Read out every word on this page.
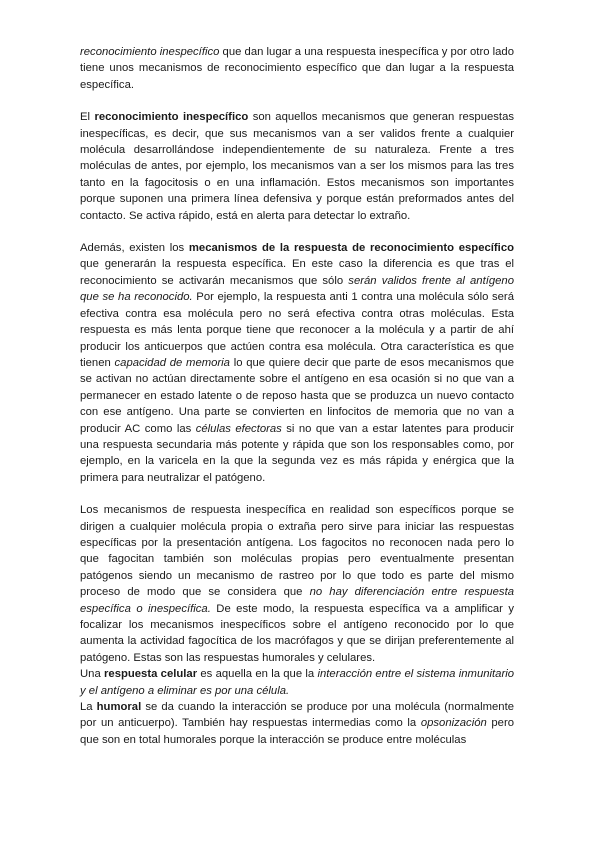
reconocimiento inespecífico que dan lugar a una respuesta inespecífica y por otro lado tiene unos mecanismos de reconocimiento específico que dan lugar a la respuesta específica.

El reconocimiento inespecífico son aquellos mecanismos que generan respuestas inespecíficas, es decir, que sus mecanismos van a ser validos frente a cualquier molécula desarrollándose independientemente de su naturaleza. Frente a tres moléculas de antes, por ejemplo, los mecanismos van a ser los mismos para las tres tanto en la fagocitosis o en una inflamación. Estos mecanismos son importantes porque suponen una primera línea defensiva y porque están preformados antes del contacto. Se activa rápido, está en alerta para detectar lo extraño.

Además, existen los mecanismos de la respuesta de reconocimiento específico que generarán la respuesta específica. En este caso la diferencia es que tras el reconocimiento se activarán mecanismos que sólo serán validos frente al antígeno que se ha reconocido. Por ejemplo, la respuesta anti 1 contra una molécula sólo será efectiva contra esa molécula pero no será efectiva contra otras moléculas. Esta respuesta es más lenta porque tiene que reconocer a la molécula y a partir de ahí producir los anticuerpos que actúen contra esa molécula. Otra característica es que tienen capacidad de memoria lo que quiere decir que parte de esos mecanismos que se activan no actúan directamente sobre el antígeno en esa ocasión si no que van a permanecer en estado latente o de reposo hasta que se produzca un nuevo contacto con ese antígeno. Una parte se convierten en linfocitos de memoria que no van a producir AC como las células efectoras si no que van a estar latentes para producir una respuesta secundaria más potente y rápida que son los responsables como, por ejemplo, en la varicela en la que la segunda vez es más rápida y enérgica que la primera para neutralizar el patógeno.

Los mecanismos de respuesta inespecífica en realidad son específicos porque se dirigen a cualquier molécula propia o extraña pero sirve para iniciar las respuestas específicas por la presentación antígena. Los fagocitos no reconocen nada pero lo que fagocitan también son moléculas propias pero eventualmente presentan patógenos siendo un mecanismo de rastreo por lo que todo es parte del mismo proceso de modo que se considera que no hay diferenciación entre respuesta específica o inespecífica. De este modo, la respuesta específica va a amplificar y focalizar los mecanismos inespecíficos sobre el antígeno reconocido por lo que aumenta la actividad fagocítica de los macrófagos y que se dirijan preferentemente al patógeno. Estas son las respuestas humorales y celulares.

Una respuesta celular es aquella en la que la interacción entre el sistema inmunitario y el antígeno a eliminar es por una célula.

La humoral se da cuando la interacción se produce por una molécula (normalmente por un anticuerpo). También hay respuestas intermedias como la opsonización pero que son en total humorales porque la interacción se produce entre moléculas
